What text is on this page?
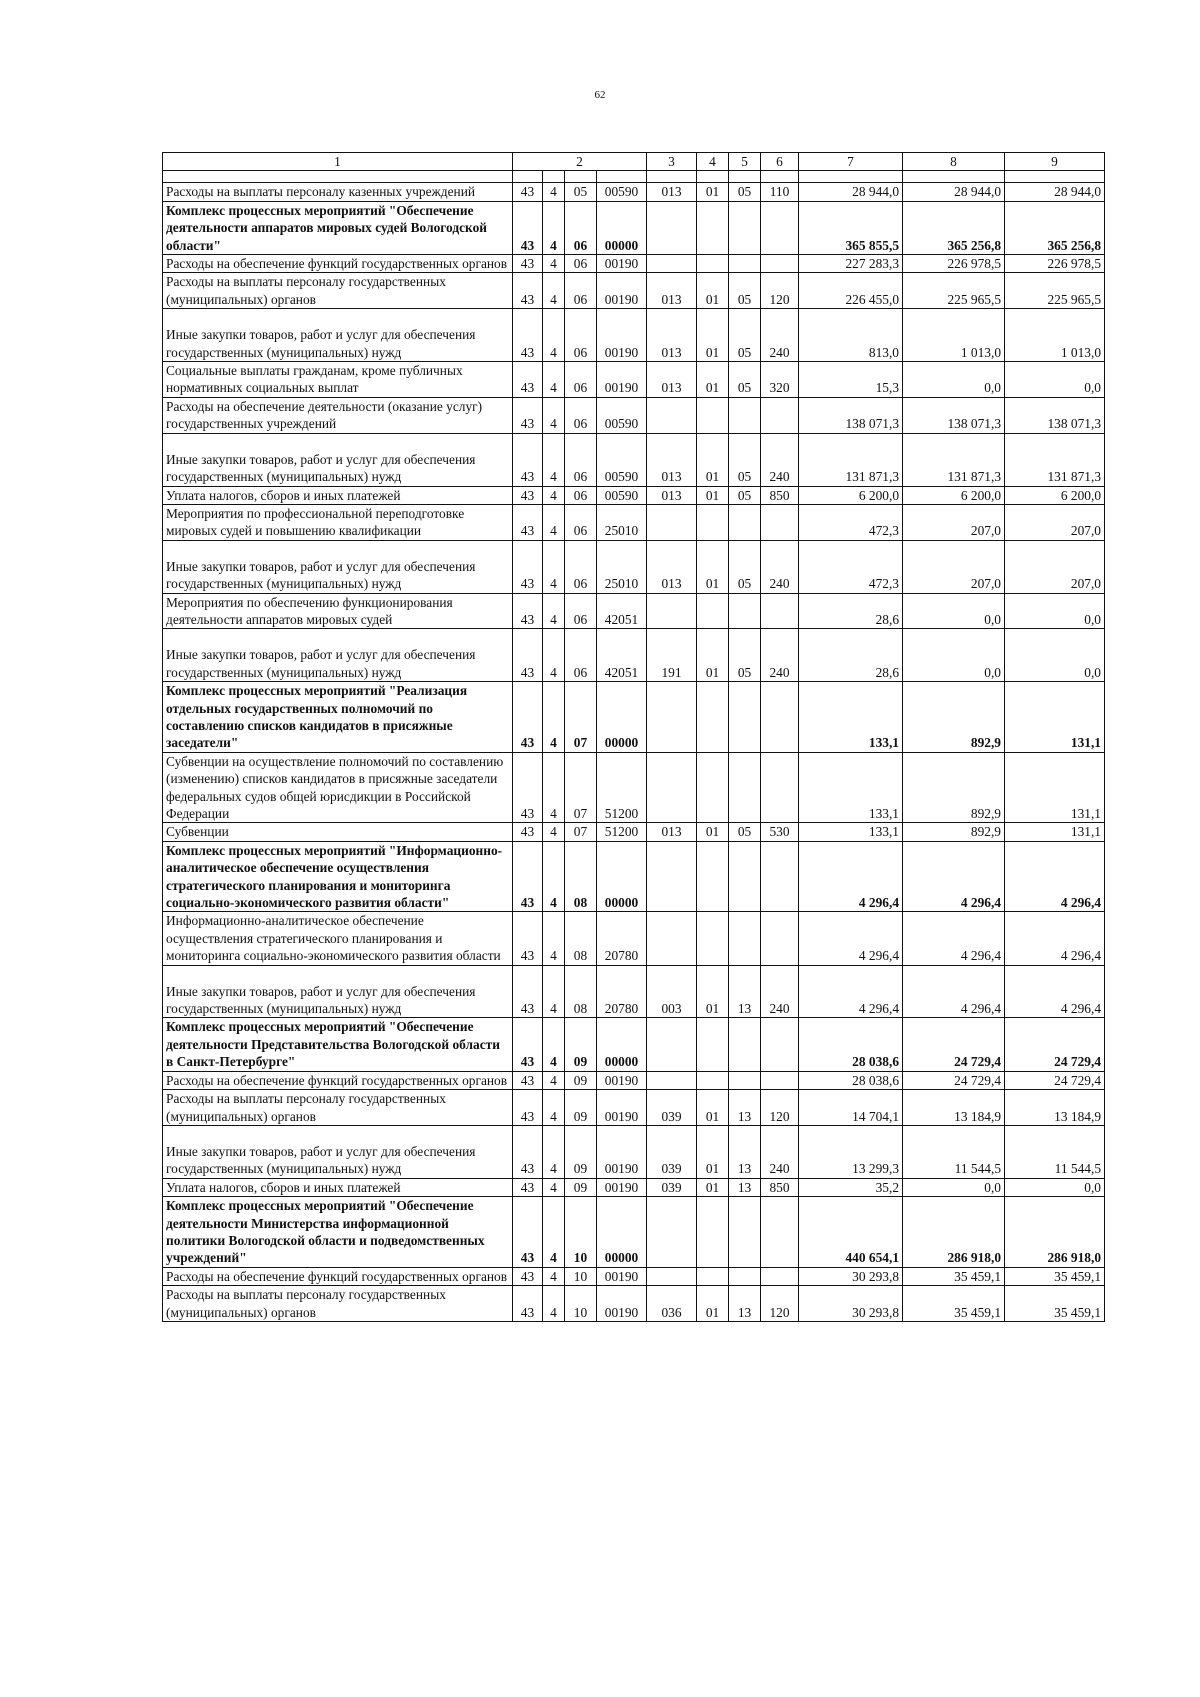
62
1	2				3	4	5	6	7	8	9

Расходы на выплаты персоналу казенных учреждений	43	4	05	00590	013	01	05	110	28 944,0	28 944,0	28 944,0
Комплекс процессных мероприятий "Обеспечение деятельности аппаратов мировых судей Вологодской области"	43	4	06	00000					365 855,5	365 256,8	365 256,8
Расходы на обеспечение функций государственных органов	43	4	06	00190					227 283,3	226 978,5	226 978,5
Расходы на выплаты персоналу государственных (муниципальных) органов	43	4	06	00190	013	01	05	120	226 455,0	225 965,5	225 965,5
Иные закупки товаров, работ и услуг для обеспечения государственных (муниципальных) нужд	43	4	06	00190	013	01	05	240	813,0	1 013,0	1 013,0
Социальные выплаты гражданам, кроме публичных нормативных социальных выплат	43	4	06	00190	013	01	05	320	15,3	0,0	0,0
Расходы на обеспечение деятельности (оказание услуг) государственных учреждений	43	4	06	00590					138 071,3	138 071,3	138 071,3
Иные закупки товаров, работ и услуг для обеспечения государственных (муниципальных) нужд	43	4	06	00590	013	01	05	240	131 871,3	131 871,3	131 871,3
Уплата налогов, сборов и иных платежей	43	4	06	00590	013	01	05	850	6 200,0	6 200,0	6 200,0
Мероприятия по профессиональной переподготовке мировых судей и повышению квалификации	43	4	06	25010					472,3	207,0	207,0
Иные закупки товаров, работ и услуг для обеспечения государственных (муниципальных) нужд	43	4	06	25010	013	01	05	240	472,3	207,0	207,0
Мероприятия по обеспечению функционирования деятельности аппаратов мировых судей	43	4	06	42051					28,6	0,0	0,0
Иные закупки товаров, работ и услуг для обеспечения государственных (муниципальных) нужд	43	4	06	42051	191	01	05	240	28,6	0,0	0,0
Комплекс процессных мероприятий "Реализация отдельных государственных полномочий по составлению списков кандидатов в присяжные заседатели"	43	4	07	00000					133,1	892,9	131,1
Субвенции на осуществление полномочий по составлению (изменению) списков кандидатов в присяжные заседатели федеральных судов общей юрисдикции в Российской Федерации	43	4	07	51200					133,1	892,9	131,1
Субвенции	43	4	07	51200	013	01	05	530	133,1	892,9	131,1
Комплекс процессных мероприятий "Информационно-аналитическое обеспечение осуществления стратегического планирования и мониторинга социально-экономического развития области"	43	4	08	00000					4 296,4	4 296,4	4 296,4
Информационно-аналитическое обеспечение осуществления стратегического планирования и мониторинга социально-экономического развития области	43	4	08	20780					4 296,4	4 296,4	4 296,4
Иные закупки товаров, работ и услуг для обеспечения государственных (муниципальных) нужд	43	4	08	20780	003	01	13	240	4 296,4	4 296,4	4 296,4
Комплекс процессных мероприятий "Обеспечение деятельности Представительства Вологодской области в Санкт-Петербурге"	43	4	09	00000					28 038,6	24 729,4	24 729,4
Расходы на обеспечение функций государственных органов	43	4	09	00190					28 038,6	24 729,4	24 729,4
Расходы на выплаты персоналу государственных (муниципальных) органов	43	4	09	00190	039	01	13	120	14 704,1	13 184,9	13 184,9
Иные закупки товаров, работ и услуг для обеспечения государственных (муниципальных) нужд	43	4	09	00190	039	01	13	240	13 299,3	11 544,5	11 544,5
Уплата налогов, сборов и иных платежей	43	4	09	00190	039	01	13	850	35,2	0,0	0,0
Комплекс процессных мероприятий "Обеспечение деятельности Министерства информационной политики Вологодской области и подведомственных учреждений"	43	4	10	00000					440 654,1	286 918,0	286 918,0
Расходы на обеспечение функций государственных органов	43	4	10	00190					30 293,8	35 459,1	35 459,1
Расходы на выплаты персоналу государственных (муниципальных) органов	43	4	10	00190	036	01	13	120	30 293,8	35 459,1	35 459,1
